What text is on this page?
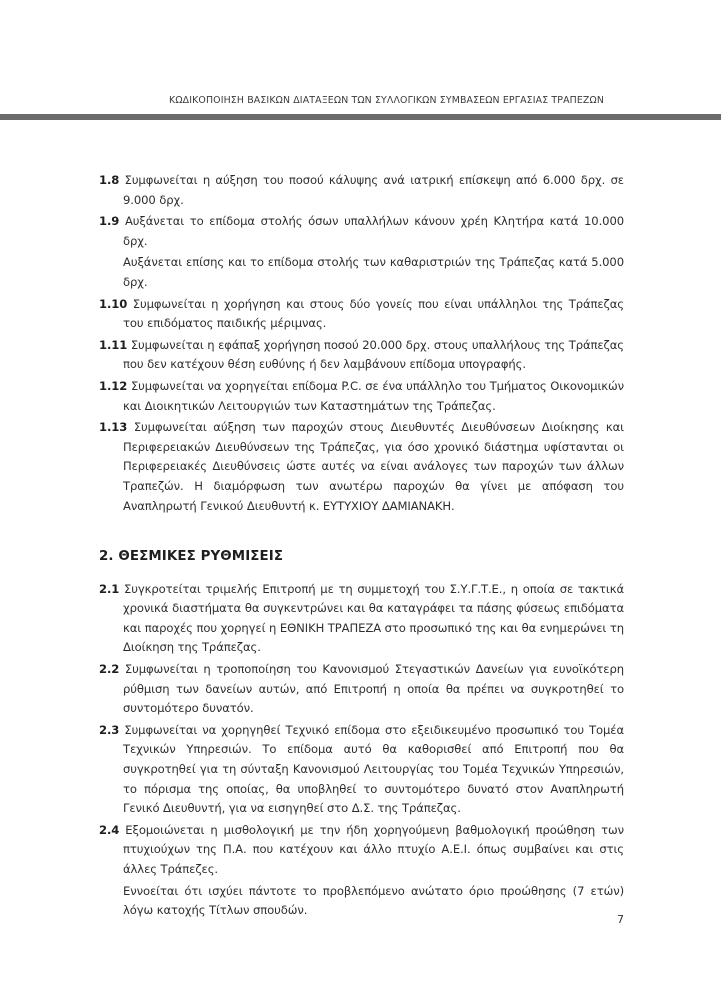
ΚΩΔΙΚΟΠΟΙΗΣΗ ΒΑΣΙΚΩΝ ΔΙΑΤΑΞΕΩΝ ΤΩΝ ΣΥΛΛΟΓΙΚΩΝ ΣΥΜΒΑΣΕΩΝ ΕΡΓΑΣΙΑΣ ΤΡΑΠΕΖΩΝ
1.8 Συμφωνείται η αύξηση του ποσού κάλυψης ανά ιατρική επίσκεψη από 6.000 δρχ. σε 9.000 δρχ.
1.9 Αυξάνεται το επίδομα στολής όσων υπαλλήλων κάνουν χρέη Κλητήρα κατά 10.000 δρχ.
Αυξάνεται επίσης και το επίδομα στολής των καθαριστριών της Τράπεζας κατά 5.000 δρχ.
1.10 Συμφωνείται η χορήγηση και στους δύο γονείς που είναι υπάλληλοι της Τράπεζας του επιδόματος παιδικής μέριμνας.
1.11 Συμφωνείται η εφάπαξ χορήγηση ποσού 20.000 δρχ. στους υπαλλήλους της Τράπεζας που δεν κατέχουν θέση ευθύνης ή δεν λαμβάνουν επίδομα υπογραφής.
1.12 Συμφωνείται να χορηγείται επίδομα P.C. σε ένα υπάλληλο του Τμήματος Οικονομικών και Διοικητικών Λειτουργιών των Καταστημάτων της Τράπεζας.
1.13 Συμφωνείται αύξηση των παροχών στους Διευθυντές Διευθύνσεων Διοίκησης και Περιφερειακών Διευθύνσεων της Τράπεζας, για όσο χρονικό διάστημα υφίστανται οι Περιφερειακές Διευθύνσεις ώστε αυτές να είναι ανάλογες των παροχών των άλλων Τραπεζών. Η διαμόρφωση των ανωτέρω παροχών θα γίνει με απόφαση του Αναπληρωτή Γενικού Διευθυντή κ. ΕΥΤΥΧΙΟΥ ΔΑΜΙΑΝΑΚΗ.
2. ΘΕΣΜΙΚΕΣ ΡΥΘΜΙΣΕΙΣ
2.1 Συγκροτείται τριμελής Επιτροπή με τη συμμετοχή του Σ.Υ.Γ.Τ.Ε., η οποία σε τακτικά χρονικά διαστήματα θα συγκεντρώνει και θα καταγράφει τα πάσης φύσεως επιδόματα και παροχές που χορηγεί η ΕΘΝΙΚΗ ΤΡΑΠΕΖΑ στο προσωπικό της και θα ενημερώνει τη Διοίκηση της Τράπεζας.
2.2 Συμφωνείται η τροποποίηση του Κανονισμού Στεγαστικών Δανείων για ευνοϊκότερη ρύθμιση των δανείων αυτών, από Επιτροπή η οποία θα πρέπει να συγκροτηθεί το συντομότερο δυνατόν.
2.3 Συμφωνείται να χορηγηθεί Τεχνικό επίδομα στο εξειδικευμένο προσωπικό του Τομέα Τεχνικών Υπηρεσιών. Το επίδομα αυτό θα καθορισθεί από Επιτροπή που θα συγκροτηθεί για τη σύνταξη Κανονισμού Λειτουργίας του Τομέα Τεχνικών Υπηρεσιών, το πόρισμα της οποίας, θα υποβληθεί το συντομότερο δυνατό στον Αναπληρωτή Γενικό Διευθυντή, για να εισηγηθεί στο Δ.Σ. της Τράπεζας.
2.4 Εξομοιώνεται η μισθολογική με την ήδη χορηγούμενη βαθμολογική προώθηση των πτυχιούχων της Π.Α. που κατέχουν και άλλο πτυχίο Α.Ε.Ι. όπως συμβαίνει και στις άλλες Τράπεζες.
Εννοείται ότι ισχύει πάντοτε το προβλεπόμενο ανώτατο όριο προώθησης (7 ετών) λόγω κατοχής Τίτλων σπουδών.
7
